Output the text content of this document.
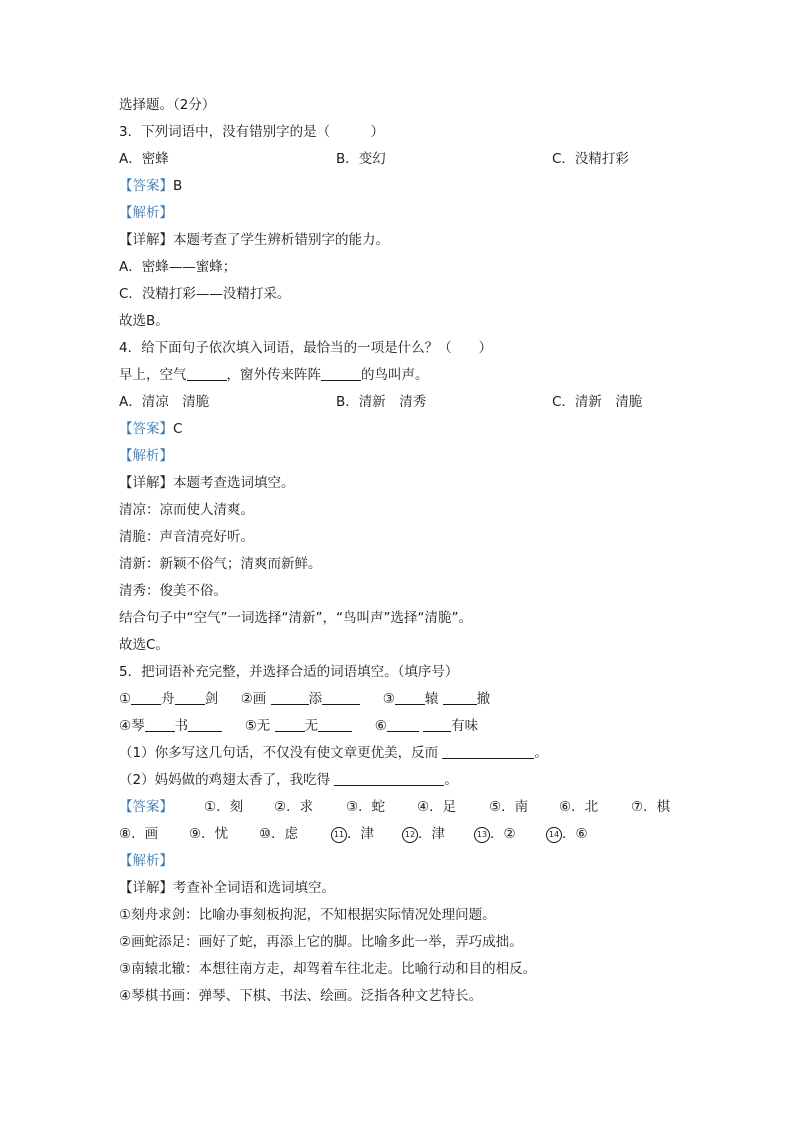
选择题。（2分）
3．下列词语中，没有错别字的是（　　　）
A．密蜂	B．变幻	C．没精打彩
【答案】B
【解析】
【详解】本题考查了学生辨析错别字的能力。
A．密蜂——蜜蜂；
C．没精打彩——没精打采。
故选B。
4．给下面句子依次填入词语，最恰当的一项是什么？（　　）
早上，空气	，窗外传来阵阵	的鸟叫声。
A．清凉　清脆	B．清新　清秀	C．清新　清脆
【答案】C
【解析】
【详解】本题考查选词填空。
清凉：凉而使人清爽。
清脆：声音清亮好听。
清新：新颖不俗气；清爽而新鲜。
清秀：俊美不俗。
结合句子中“空气”一词选择“清新”，“鸟叫声”选择“清脆”。
故选C。
5．把词语补充完整，并选择合适的词语填空。（填序号）
① 舟 剑 ②画	添	③ 辕	撤
④琴 书	⑤无	无	⑥	有味
（1）你多写这几句话，不仅没有使文章更优美，反而	。
（2）妈妈做的鸡翅太香了，我吃得	。
【答案】 ①．刻 ②．求 ③．蛇 ④．足 ⑤．南 ⑥．北 ⑦．棋
⑧．画 ⑨．忧 ⑩．虑	11 ．津	12 ．津	13 ．②	14 ．⑥
【解析】
【详解】考查补全词语和选词填空。
①刻舟求剑：比喻办事刻板拘泥，不知根据实际情况处理问题。
②画蛇添足：画好了蛇，再添上它的脚。比喻多此一举，弄巧成拙。
③南辕北辙：本想往南方走，却驾着车往北走。比喻行动和目的相反。
④琴棋书画：弹琴、下棋、书法、绘画。泛指各种文艺特长。
